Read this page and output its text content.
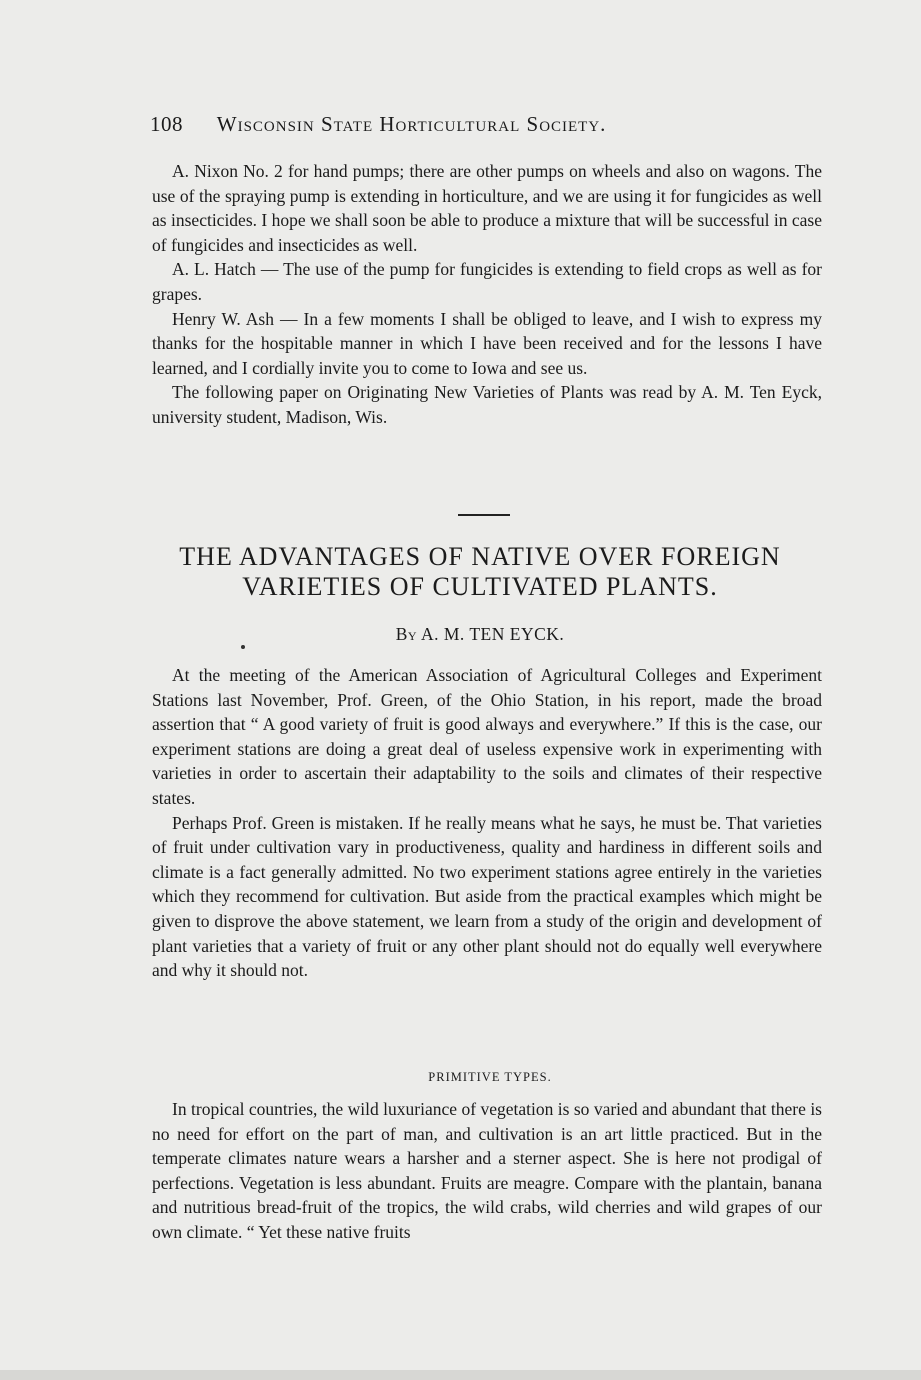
108 Wisconsin State Horticultural Society.

A. Nixon No. 2 for hand pumps; there are other pumps on wheels and also on wagons. The use of the spraying pump is extending in horticulture, and we are using it for fungicides as well as insecticides. I hope we shall soon be able to produce a mixture that will be successful in case of fungicides and insecticides as well.

A. L. Hatch — The use of the pump for fungicides is extending to field crops as well as for grapes.

Henry W. Ash — In a few moments I shall be obliged to leave, and I wish to express my thanks for the hospitable manner in which I have been received and for the lessons I have learned, and I cordially invite you to come to Iowa and see us.

The following paper on Originating New Varieties of Plants was read by A. M. Ten Eyck, university student, Madison, Wis.

THE ADVANTAGES OF NATIVE OVER FOREIGN
VARIETIES OF CULTIVATED PLANTS.
By A. M. TEN EYCK.

At the meeting of the American Association of Agricultural Colleges and Experiment Stations last November, Prof. Green, of the Ohio Station, in his report, made the broad assertion that “ A good variety of fruit is good always and everywhere.” If this is the case, our experiment stations are doing a great deal of useless expensive work in experimenting with varieties in order to ascertain their adaptability to the soils and climates of their respective states.

Perhaps Prof. Green is mistaken. If he really means what he says, he must be. That varieties of fruit under cultivation vary in productiveness, quality and hardiness in different soils and climate is a fact generally admitted. No two experiment stations agree entirely in the varieties which they recommend for cultivation. But aside from the practical examples which might be given to disprove the above statement, we learn from a study of the origin and development of plant varieties that a variety of fruit or any other plant should not do equally well everywhere and why it should not.

PRIMITIVE TYPES.

In tropical countries, the wild luxuriance of vegetation is so varied and abundant that there is no need for effort on the part of man, and cultivation is an art little practiced. But in the temperate climates nature wears a harsher and a sterner aspect. She is here not prodigal of perfections. Vegetation is less abundant. Fruits are meagre. Compare with the plantain, banana and nutritious bread-fruit of the tropics, the wild crabs, wild cherries and wild grapes of our own climate. “ Yet these native fruits
